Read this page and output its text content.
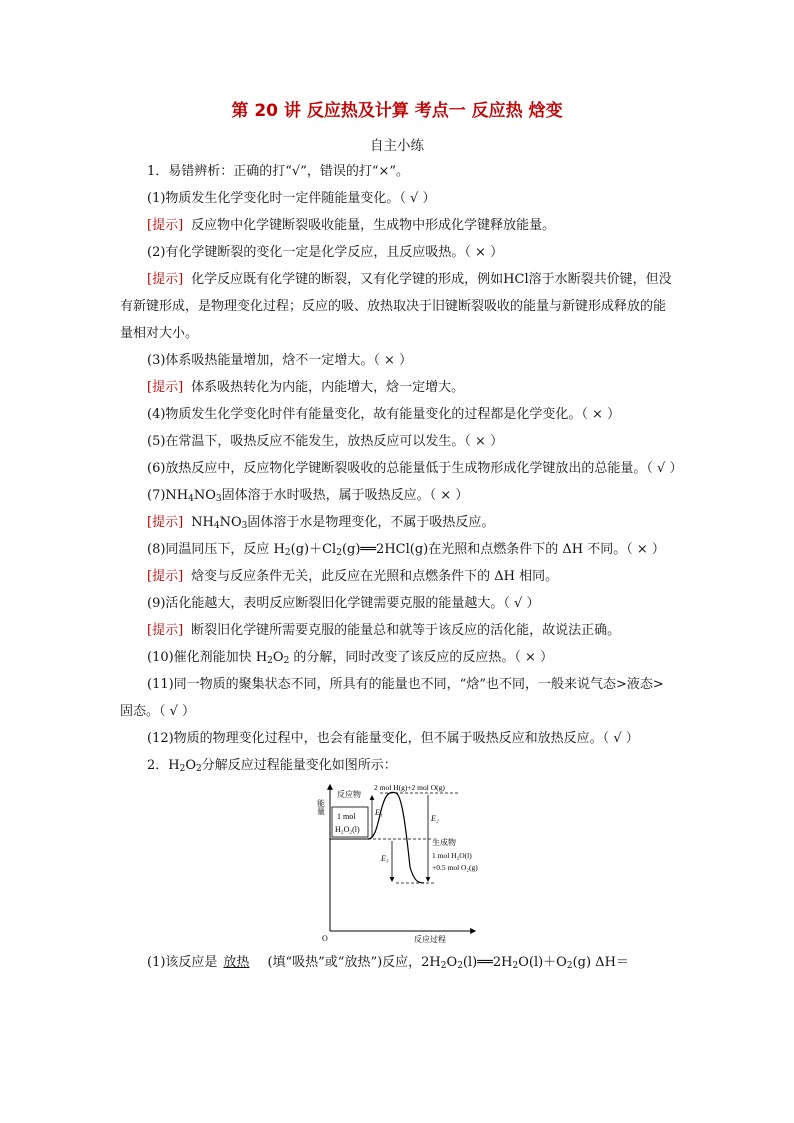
第 20 讲 反应热及计算 考点一 反应热 焓变
自主小练
1．易错辨析：正确的打“√”，错误的打“×”。
(1)物质发生化学变化时一定伴随能量变化。（ √ ）
[提示] 反应物中化学键断裂吸收能量，生成物中形成化学键释放能量。
(2)有化学键断裂的变化一定是化学反应，且反应吸热。（ × ）
[提示] 化学反应既有化学键的断裂，又有化学键的形成，例如HCl溶于水断裂共价键，但没有新键形成，是物理变化过程；反应的吸、放热取决于旧键断裂吸收的能量与新键形成释放的能量相对大小。
(3)体系吸热能量增加，焓不一定增大。（ × ）
[提示] 体系吸热转化为内能，内能增大，焓一定增大。
(4)物质发生化学变化时伴有能量变化，故有能量变化的过程都是化学变化。（ × ）
(5)在常温下，吸热反应不能发生，放热反应可以发生。（ × ）
(6)放热反应中，反应物化学键断裂吸收的总能量低于生成物形成化学键放出的总能量。（ √ ）
$(7)NH_4NO_3$固体溶于水时吸热，属于吸热反应。（ × ）
[提示] $NH_4NO_3$固体溶于水是物理变化，不属于吸热反应。
(8)同温同压下，反应 $H_2(g)+Cl_2(g)══2HCl(g)$在光照和点燃条件下的 ΔH 不同。（ × ）
[提示] 焓变与反应条件无关，此反应在光照和点燃条件下的 ΔH 相同。
(9)活化能越大，表明反应断裂旧化学键需要克服的能量越大。（ √ ）
[提示] 断裂旧化学键所需要克服的能量总和就等于该反应的活化能，故说法正确。
(10)催化剂能加快 $H_2O_2$ 的分解，同时改变了该反应的反应热。（ × ）
(11)同一物质的聚集状态不同，所具有的能量也不同，“焓”也不同，一般来说气态>液态>固态。（ √ ）
(12)物质的物理变化过程中，也会有能量变化，但不属于吸热反应和放热反应。（ √ ）
2．$H_2O_2$分解反应过程能量变化如图所示：
能量
O	反应过程
反应物
1 mol
H₂O₂(l)
E₁
E₂
E₃
2 mol H(g)+2 mol O(g)
生成物
1 mol H₂O(l)
+0.5 mol O₂(g)
(1)该反应是 放热 (填“吸热”或“放热”)反应，$2H_2O_2(l)══2H_2O(l)+O_2(g)$ ΔH＝
